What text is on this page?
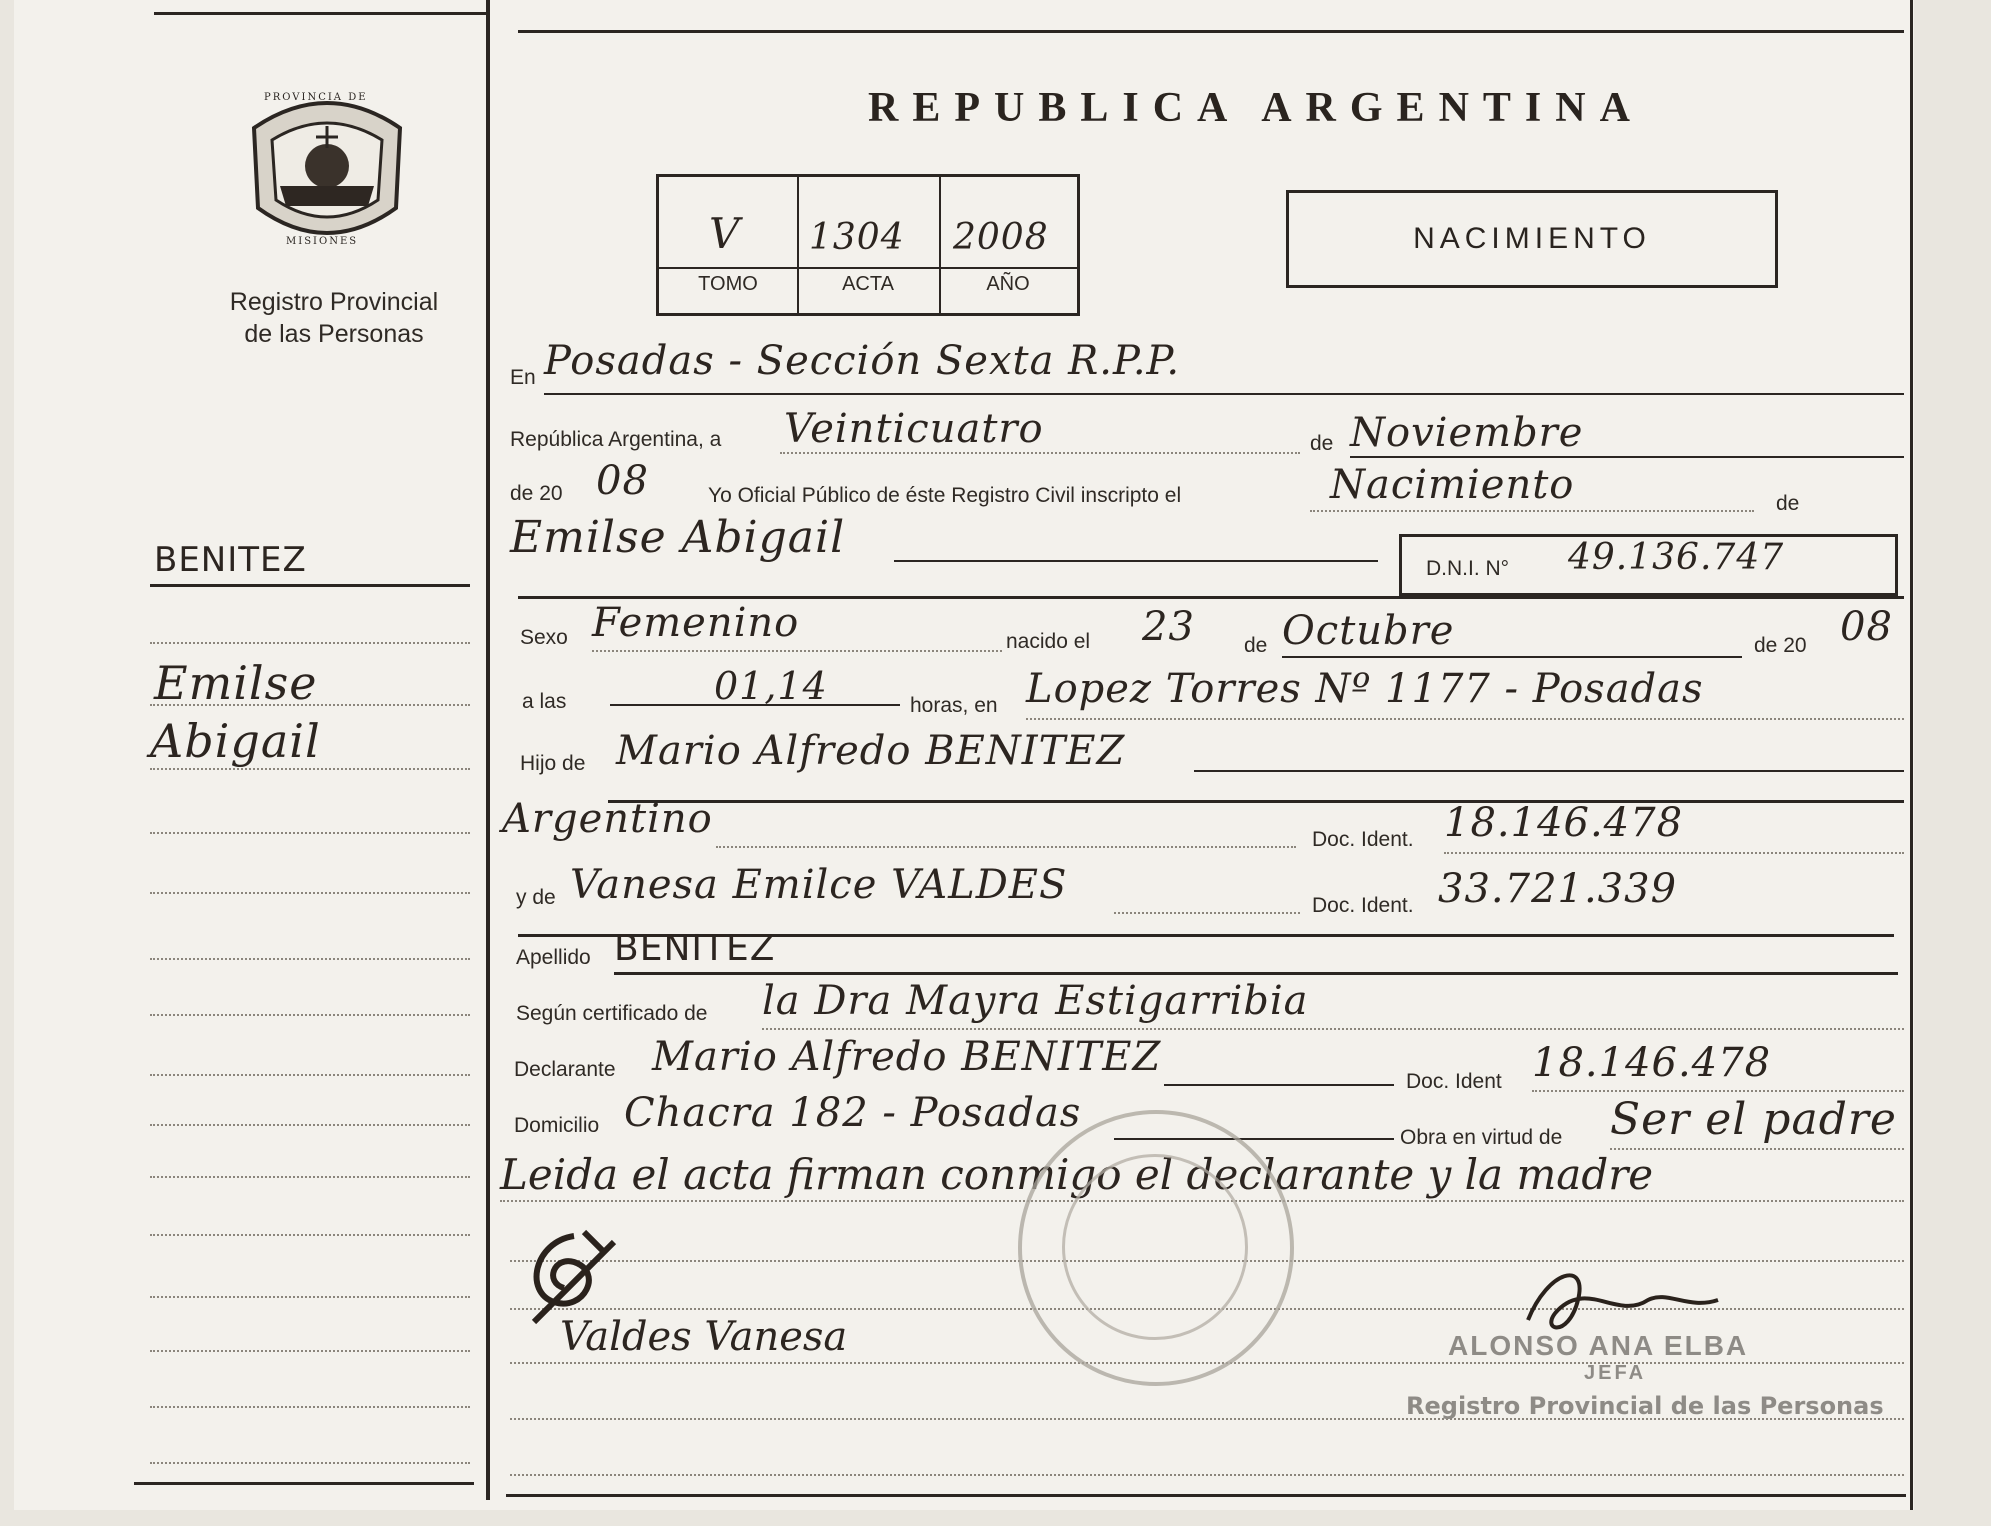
PROVINCIA DE
MISIONES
Registro Provincial
de las Personas
REPUBLICA ARGENTINA
V 1304 2008
TOMO	ACTA	AÑO
NACIMIENTO
BENITEZ
Emilse
Abigail
En Posadas - Sección Sexta R.P.P.
República Argentina, a Veinticuatro	de Noviembre
de 20 08	Yo Oficial Público de éste Registro Civil inscripto el	Nacimiento	de
Emilse Abigail
D.N.I. N° 49.136.747
Sexo Femenino	nacido el 23 de Octubre	de 20 08
a las	01,14	horas, en Lopez Torres Nº 1177 - Posadas
Hijo de Mario Alfredo BENITEZ
Argentino	Doc. Ident. 18.146.478
y de Vanesa Emilce VALDES	Doc. Ident. 33.721.339
Apellido BENITEZ
Según certificado de la Dra Mayra Estigarribia
Declarante Mario Alfredo BENITEZ
Doc. Ident 18.146.478
Domicilio Chacra 182 - Posadas
Obra en virtud de Ser el padre
Leida el acta firman conmigo el declarante y la madre
Valdes Vanesa	ALONSO ANA ELBA
JEFA
Registro Provincial de las Personas
